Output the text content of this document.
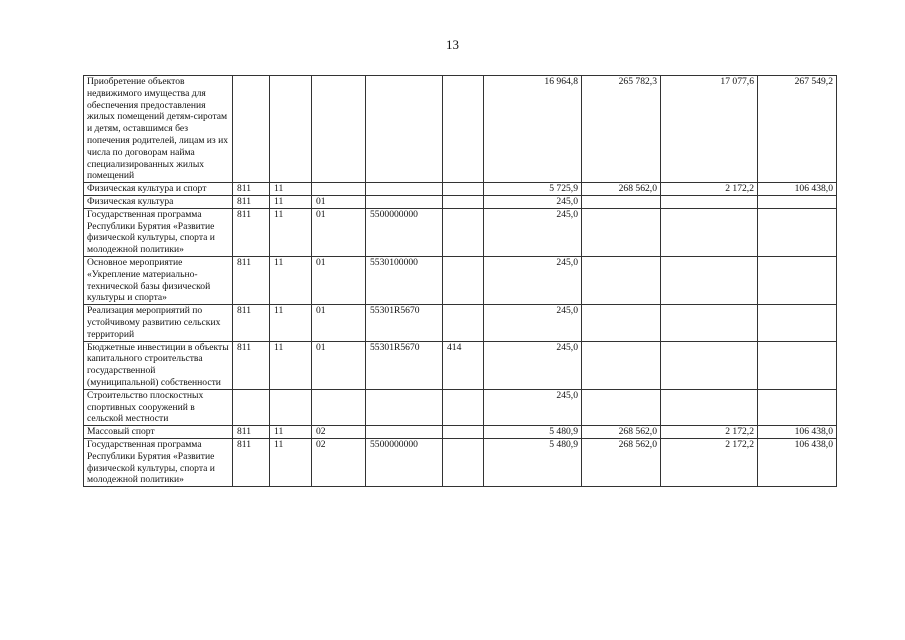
13
Приобретение объектов недвижимого имущества для обеспечения предоставления жилых помещений детям-сиротам и детям, оставшимся без попечения родителей, лицам из их числа по договорам найма специализированных жилых помещений						16 964,8	265 782,3	17 077,6	267 549,2
Физическая культура и спорт	811	11				5 725,9	268 562,0	2 172,2	106 438,0
Физическая культура	811	11	01			245,0			
Государственная программа Республики Бурятия «Развитие физической культуры, спорта и молодежной политики»	811	11	01	5500000000		245,0			
Основное мероприятие «Укрепление материально-технической базы физической культуры и спорта»	811	11	01	5530100000		245,0			
Реализация мероприятий по устойчивому развитию сельских территорий	811	11	01	55301R5670		245,0			
Бюджетные инвестиции в объекты капитального строительства государственной (муниципальной) собственности	811	11	01	55301R5670	414	245,0			
Строительство плоскостных спортивных сооружений в сельской местности						245,0			
Массовый спорт	811	11	02			5 480,9	268 562,0	2 172,2	106 438,0
Государственная программа Республики Бурятия «Развитие физической культуры, спорта и молодежной политики»	811	11	02	5500000000		5 480,9	268 562,0	2 172,2	106 438,0
